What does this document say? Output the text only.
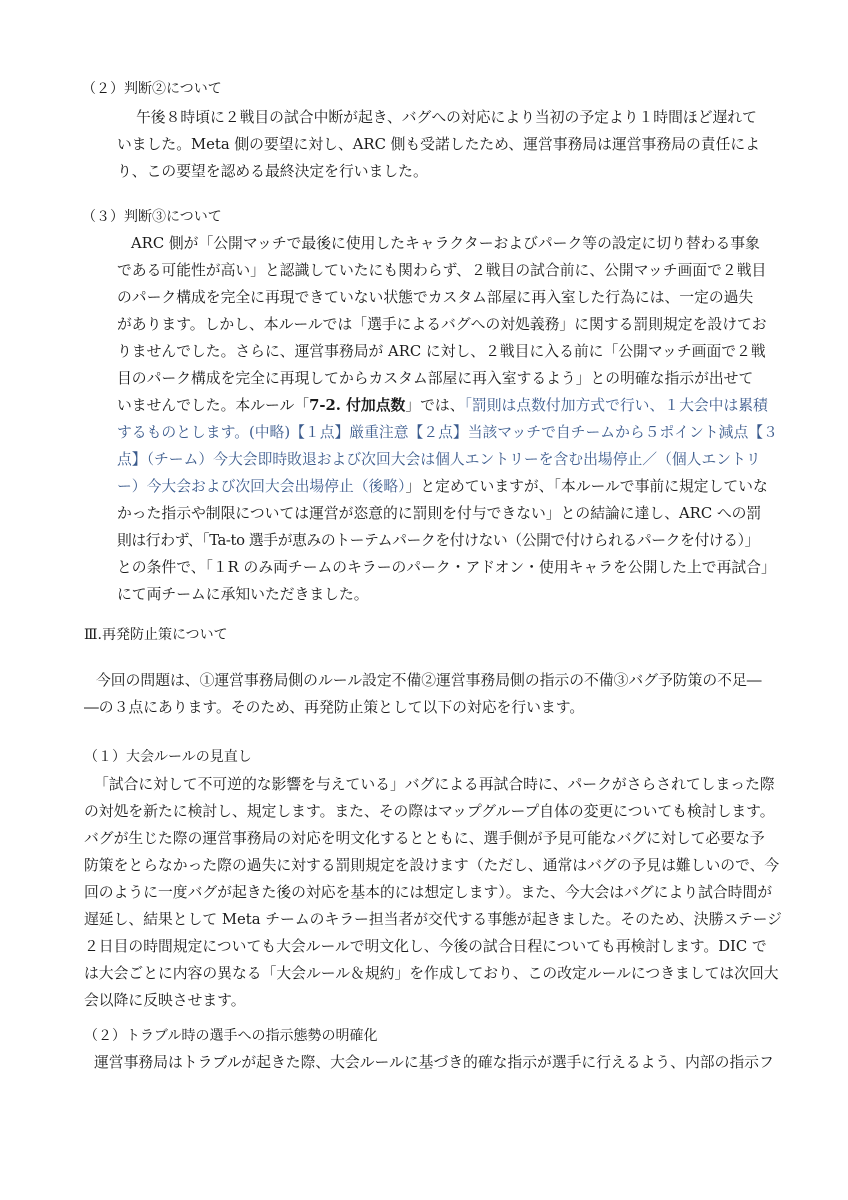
（２）判断②について
午後８時頃に２戦目の試合中断が起き、バグへの対応により当初の予定より１時間ほど遅れて
いました。Meta 側の要望に対し、ARC 側も受諾したため、運営事務局は運営事務局の責任によ
り、この要望を認める最終決定を行いました。
（３）判断③について
ARC 側が「公開マッチで最後に使用したキャラクターおよびパーク等の設定に切り替わる事象
である可能性が高い」と認識していたにも関わらず、２戦目の試合前に、公開マッチ画面で２戦目
のパーク構成を完全に再現できていない状態でカスタム部屋に再入室した行為には、一定の過失
があります。しかし、本ルールでは「選手によるバグへの対処義務」に関する罰則規定を設けてお
りませんでした。さらに、運営事務局が ARC に対し、２戦目に入る前に「公開マッチ画面で２戦
目のパーク構成を完全に再現してからカスタム部屋に再入室するよう」との明確な指示が出せて
いませんでした。本ルール「7-2. 付加点数」では、「罰則は点数付加方式で行い、１大会中は累積
するものとします。(中略)【１点】厳重注意【２点】当該マッチで自チームから５ポイント減点【３
点】（チーム）今大会即時敗退および次回大会は個人エントリーを含む出場停止／（個人エントリ
ー）今大会および次回大会出場停止（後略）」と定めていますが、「本ルールで事前に規定していな
かった指示や制限については運営が恣意的に罰則を付与できない」との結論に達し、ARC への罰
則は行わず、「Ta-to 選手が恵みのトーテムパークを付けない（公開で付けられるパークを付ける）」
との条件で、「１R のみ両チームのキラーのパーク・アドオン・使用キャラを公開した上で再試合」
にて両チームに承知いただきました。
Ⅲ.再発防止策について
今回の問題は、①運営事務局側のルール設定不備②運営事務局側の指示の不備③バグ予防策の不足―
―の３点にあります。そのため、再発防止策として以下の対応を行います。
（１）大会ルールの見直し
「試合に対して不可逆的な影響を与えている」バグによる再試合時に、パークがさらされてしまった際
の対処を新たに検討し、規定します。また、その際はマップグループ自体の変更についても検討します。
バグが生じた際の運営事務局の対応を明文化するとともに、選手側が予見可能なバグに対して必要な予
防策をとらなかった際の過失に対する罰則規定を設けます（ただし、通常はバグの予見は難しいので、今
回のように一度バグが起きた後の対応を基本的には想定します）。また、今大会はバグにより試合時間が
遅延し、結果として Meta チームのキラー担当者が交代する事態が起きました。そのため、決勝ステージ
２日目の時間規定についても大会ルールで明文化し、今後の試合日程についても再検討します。DIC で
は大会ごとに内容の異なる「大会ルール＆規約」を作成しており、この改定ルールにつきましては次回大
会以降に反映させます。
（２）トラブル時の選手への指示態勢の明確化
運営事務局はトラブルが起きた際、大会ルールに基づき的確な指示が選手に行えるよう、内部の指示フ
